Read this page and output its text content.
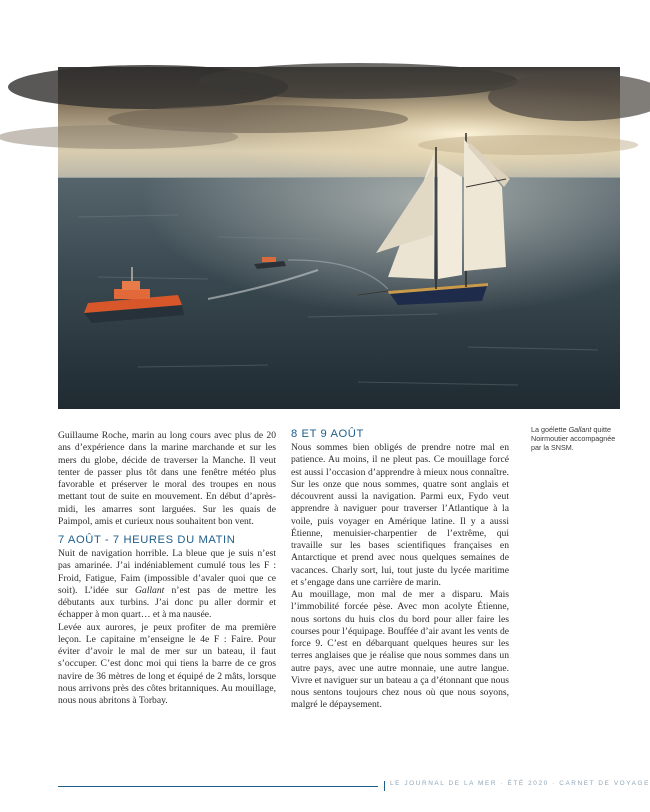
La goélette Gallant quitte Noirmoutier accompagnée par la SNSM.

Guillaume Roche, marin au long cours avec plus de 20 ans d’expérience dans la marine marchande et sur les mers du globe, décide de traverser la Manche. Il veut tenter de passer plus tôt dans une fenêtre météo plus favorable et préserver le moral des troupes en nous mettant tout de suite en mouvement. En début d’après-midi, les amarres sont larguées. Sur les quais de Paimpol, amis et curieux nous souhaitent bon vent.

7 AOÛT - 7 HEURES DU MATIN

Nuit de navigation horrible. La bleue que je suis n’est pas amarinée. J’ai indéniablement cumulé tous les F : Froid, Fatigue, Faim (impossible d’avaler quoi que ce soit). L’idée sur Gallant n’est pas de mettre les débutants aux turbins. J’ai donc pu aller dormir et échapper à mon quart… et à ma nausée.

Levée aux aurores, je peux profiter de ma première leçon. Le capitaine m’enseigne le 4e F : Faire. Pour éviter d’avoir le mal de mer sur un bateau, il faut s’occuper. C’est donc moi qui tiens la barre de ce gros navire de 36 mètres de long et équipé de 2 mâts, lorsque nous arrivons près des côtes britanniques. Au mouillage, nous nous abritons à Torbay.

8 ET 9 AOÛT

Nous sommes bien obligés de prendre notre mal en patience. Au moins, il ne pleut pas. Ce mouillage forcé est aussi l’occasion d’apprendre à mieux nous connaître. Sur les onze que nous sommes, quatre sont anglais et découvrent aussi la navigation. Parmi eux, Fydo veut apprendre à naviguer pour traverser l’Atlantique à la voile, puis voyager en Amérique latine. Il y a aussi Étienne, menuisier-charpentier de l’extrême, qui travaille sur les bases scientifiques françaises en Antarctique et prend avec nous quelques semaines de vacances. Charly sort, lui, tout juste du lycée maritime et s’engage dans une carrière de marin.

Au mouillage, mon mal de mer a disparu. Mais l’immobilité forcée pèse. Avec mon acolyte Étienne, nous sortons du huis clos du bord pour aller faire les courses pour l’équipage. Bouffée d’air avant les vents de force 9. C’est en débarquant quelques heures sur les terres anglaises que je réalise que nous sommes dans un autre pays, avec une autre monnaie, une autre langue. Vivre et naviguer sur un bateau a ça d’étonnant que nous nous sentons toujours chez nous où que nous soyons, malgré le dépaysement.

LE JOURNAL DE LA MER · ÉTÉ 2020 · CARNET DE VOYAGE
